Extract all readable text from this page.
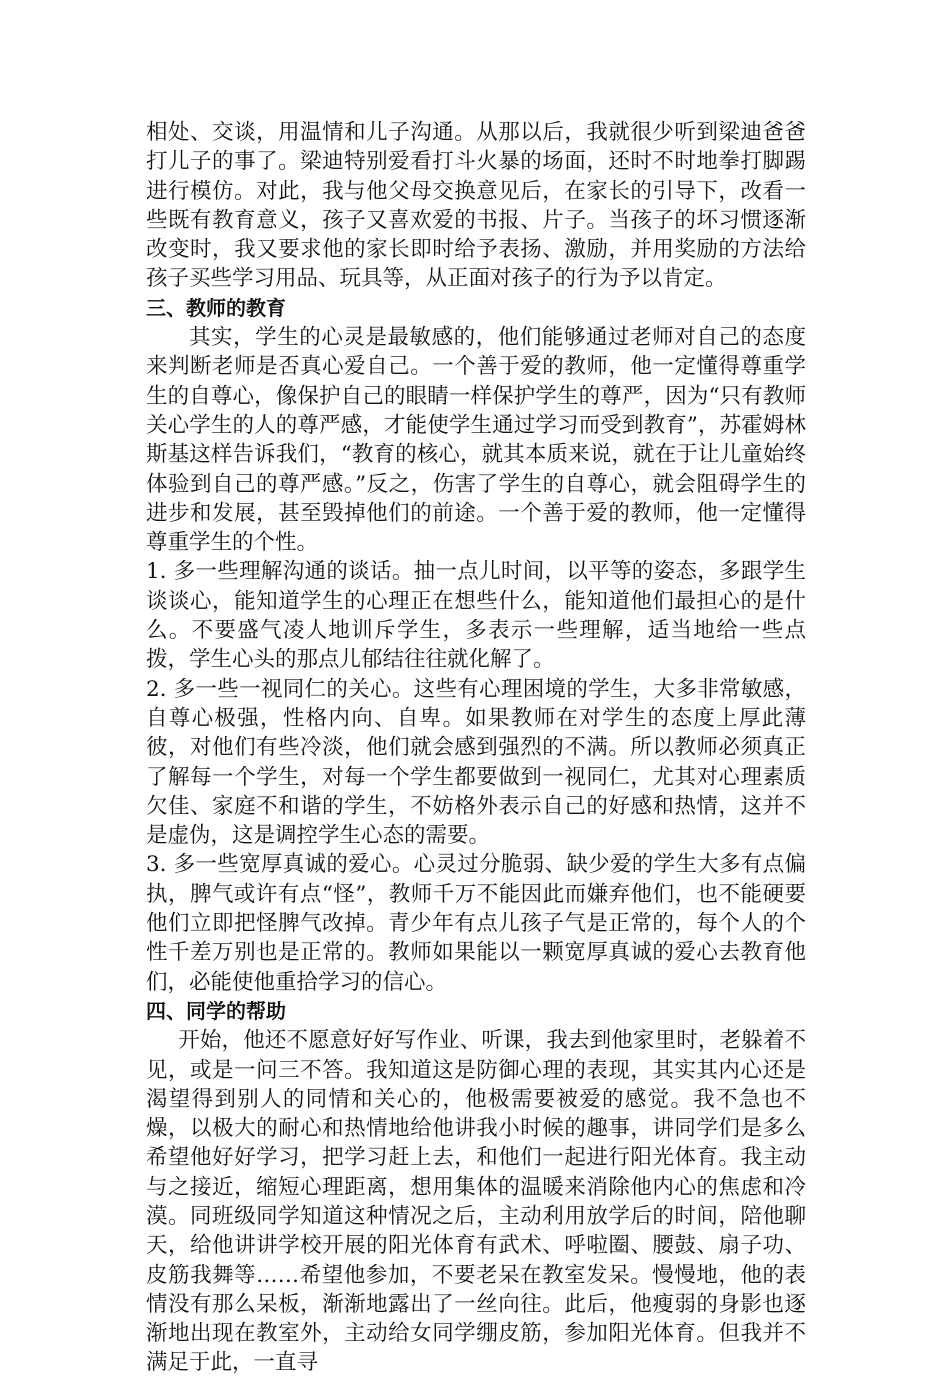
相处、交谈，用温情和儿子沟通。从那以后，我就很少听到梁迪爸爸打儿子的事了。梁迪特别爱看打斗火暴的场面，还时不时地拳打脚踢进行模仿。对此，我与他父母交换意见后，在家长的引导下，改看一些既有教育意义，孩子又喜欢爱的书报、片子。当孩子的坏习惯逐渐改变时，我又要求他的家长即时给予表扬、激励，并用奖励的方法给孩子买些学习用品、玩具等，从正面对孩子的行为予以肯定。

三、教师的教育

其实，学生的心灵是最敏感的，他们能够通过老师对自己的态度来判断老师是否真心爱自己。一个善于爱的教师，他一定懂得尊重学生的自尊心，像保护自己的眼睛一样保护学生的尊严，因为“只有教师关心学生的人的尊严感，才能使学生通过学习而受到教育”，苏霍姆林斯基这样告诉我们，“教育的核心，就其本质来说，就在于让儿童始终体验到自己的尊严感。”反之，伤害了学生的自尊心，就会阻碍学生的进步和发展，甚至毁掉他们的前途。一个善于爱的教师，他一定懂得尊重学生的个性。

1. 多一些理解沟通的谈话。抽一点儿时间，以平等的姿态，多跟学生谈谈心，能知道学生的心理正在想些什么，能知道他们最担心的是什么。不要盛气凌人地训斥学生，多表示一些理解，适当地给一些点拨，学生心头的那点儿郁结往往就化解了。

2. 多一些一视同仁的关心。这些有心理困境的学生，大多非常敏感，自尊心极强，性格内向、自卑。如果教师在对学生的态度上厚此薄彼，对他们有些冷淡，他们就会感到强烈的不满。所以教师必须真正了解每一个学生，对每一个学生都要做到一视同仁，尤其对心理素质欠佳、家庭不和谐的学生，不妨格外表示自己的好感和热情，这并不是虚伪，这是调控学生心态的需要。

3. 多一些宽厚真诚的爱心。心灵过分脆弱、缺少爱的学生大多有点偏执，脾气或许有点“怪”，教师千万不能因此而嫌弃他们，也不能硬要他们立即把怪脾气改掉。青少年有点儿孩子气是正常的，每个人的个性千差万别也是正常的。教师如果能以一颗宽厚真诚的爱心去教育他们，必能使他重拾学习的信心。

四、同学的帮助

开始，他还不愿意好好写作业、听课，我去到他家里时，老躲着不见，或是一问三不答。我知道这是防御心理的表现，其实其内心还是渴望得到别人的同情和关心的，他极需要被爱的感觉。我不急也不燥，以极大的耐心和热情地给他讲我小时候的趣事，讲同学们是多么希望他好好学习，把学习赶上去，和他们一起进行阳光体育。我主动与之接近，缩短心理距离，想用集体的温暖来消除他内心的焦虑和冷漠。同班级同学知道这种情况之后，主动利用放学后的时间，陪他聊天，给他讲讲学校开展的阳光体育有武术、呼啦圈、腰鼓、扇子功、皮筋我舞等……希望他参加，不要老呆在教室发呆。慢慢地，他的表情没有那么呆板，渐渐地露出了一丝向往。此后，他瘦弱的身影也逐渐地出现在教室外，主动给女同学绷皮筋，参加阳光体育。但我并不满足于此，一直寻
